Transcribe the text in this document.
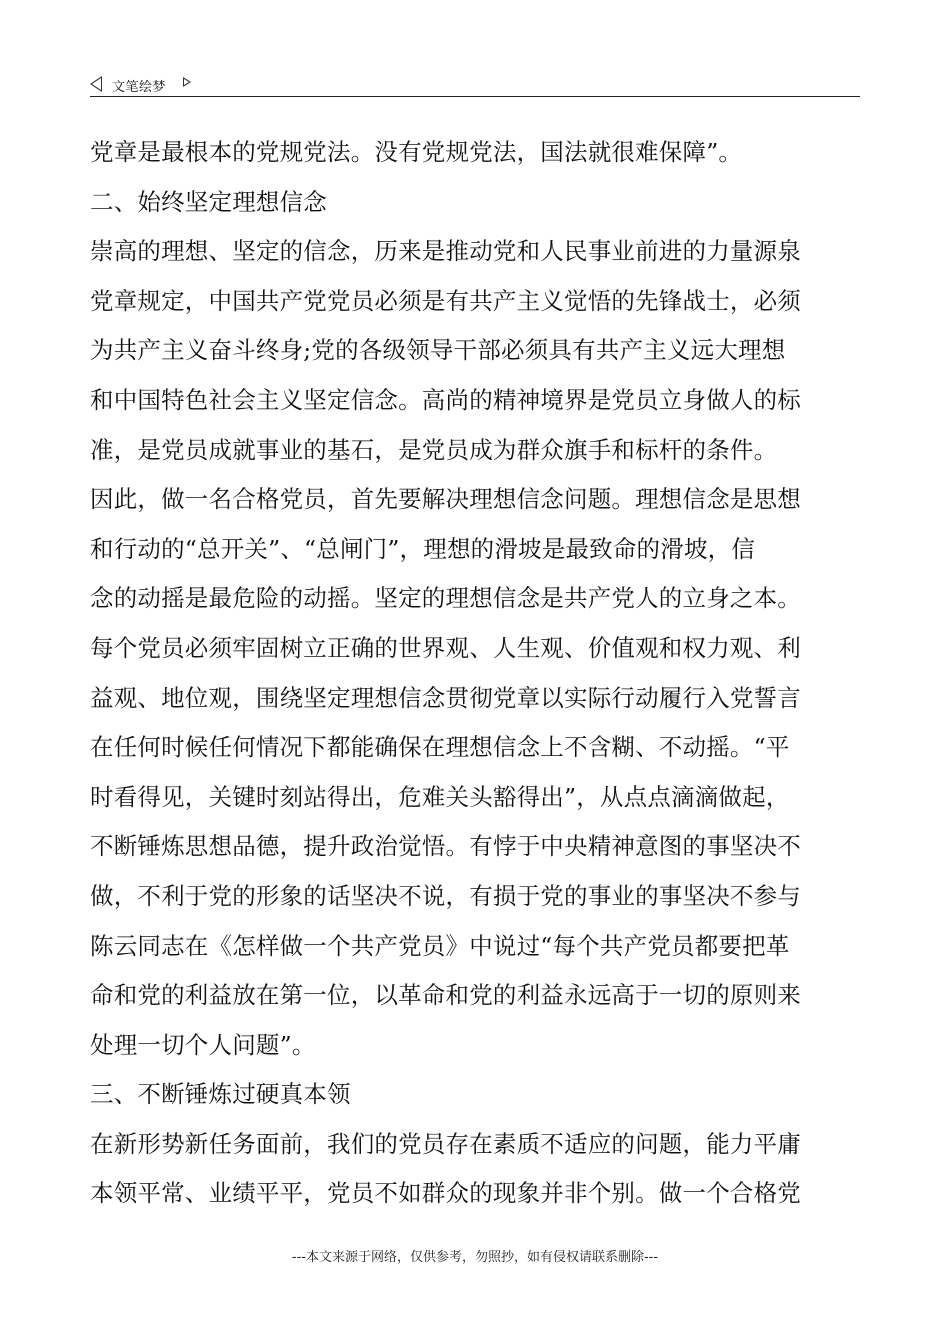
文笔绘梦
党章是最根本的党规党法。没有党规党法，国法就很难保障”。
二、始终坚定理想信念
崇高的理想、坚定的信念，历来是推动党和人民事业前进的力量源泉
党章规定，中国共产党党员必须是有共产主义觉悟的先锋战士，必须
为共产主义奋斗终身;党的各级领导干部必须具有共产主义远大理想
和中国特色社会主义坚定信念。高尚的精神境界是党员立身做人的标
准，是党员成就事业的基石，是党员成为群众旗手和标杆的条件。
因此，做一名合格党员，首先要解决理想信念问题。理想信念是思想
和行动的“总开关”、“总闸门”，理想的滑坡是最致命的滑坡，信
念的动摇是最危险的动摇。坚定的理想信念是共产党人的立身之本。
每个党员必须牢固树立正确的世界观、人生观、价值观和权力观、利
益观、地位观，围绕坚定理想信念贯彻党章以实际行动履行入党誓言
在任何时候任何情况下都能确保在理想信念上不含糊、不动摇。“平
时看得见，关键时刻站得出，危难关头豁得出”，从点点滴滴做起，
不断锤炼思想品德，提升政治觉悟。有悖于中央精神意图的事坚决不
做，不利于党的形象的话坚决不说，有损于党的事业的事坚决不参与
陈云同志在《怎样做一个共产党员》中说过“每个共产党员都要把革
命和党的利益放在第一位，以革命和党的利益永远高于一切的原则来
处理一切个人问题”。
三、不断锤炼过硬真本领
在新形势新任务面前，我们的党员存在素质不适应的问题，能力平庸
本领平常、业绩平平，党员不如群众的现象并非个别。做一个合格党
---本文来源于网络，仅供参考，勿照抄，如有侵权请联系删除---
